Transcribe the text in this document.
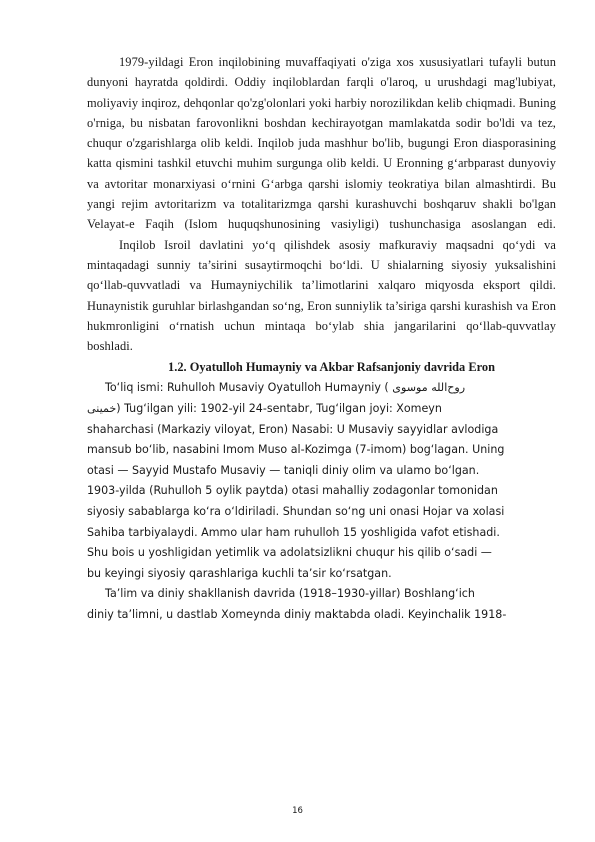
1979-yildagi Eron inqilobining muvaffaqiyati o'ziga xos xususiyatlari tufayli butun dunyoni hayratda qoldirdi. Oddiy inqiloblardan farqli o'laroq, u urushdagi mag'lubiyat, moliyaviy inqiroz, dehqonlar qo'zg'olonlari yoki harbiy norozilikdan kelib chiqmadi. Buning o'rniga, bu nisbatan farovonlikni boshdan kechirayotgan mamlakatda sodir bo'ldi va tez, chuqur o'zgarishlarga olib keldi. Inqilob juda mashhur bo'lib, bugungi Eron diasporasining katta qismini tashkil etuvchi muhim surgunga olib keldi. U Eronning g‘arbparast dunyoviy va avtoritar monarxiyasi o‘rnini G‘arbga qarshi islomiy teokratiya bilan almashtirdi. Bu yangi rejim avtoritarizm va totalitarizmga qarshi kurashuvchi boshqaruv shakli bo'lgan Velayat-e Faqih (Islom huquqshunosining vasiyligi) tushunchasiga asoslangan edi.

Inqilob Isroil davlatini yo‘q qilishdek asosiy mafkuraviy maqsadni qo‘ydi va mintaqadagi sunniy ta’sirini susaytirmoqchi bo‘ldi. U shialarning siyosiy yuksalishini qo‘llab-quvvatladi va Humayniychilik ta’limotlarini xalqaro miqyosda eksport qildi. Hunaynistik guruhlar birlashgandan so‘ng, Eron sunniylik ta’siriga qarshi kurashish va Eron hukmronligini o‘rnatish uchun mintaqa bo‘ylab shia jangarilarini qo‘llab-quvvatlay boshladi.

1.2. Oyatulloh Humayniy va Akbar Rafsanjoniy davrida Eron

To‘liq ismi: Ruhulloh Musaviy Oyatulloh Humayniy ( روح‌الله موسوی
خمینی) Tug‘ilgan yili: 1902-yil 24-sentabr, Tug‘ilgan joyi: Xomeyn
shaharchasi (Markaziy viloyat, Eron) Nasabi: U Musaviy sayyidlar avlodiga
mansub bo‘lib, nasabini Imom Muso al-Kozimga (7-imom) bog‘lagan. Uning
otasi — Sayyid Mustafo Musaviy — taniqli diniy olim va ulamo bo‘lgan.
1903-yilda (Ruhulloh 5 oylik paytda) otasi mahalliy zodagonlar tomonidan
siyosiy sabablarga ko‘ra o‘ldiriladi. Shundan so‘ng uni onasi Hojar va xolasi
Sahiba tarbiyalaydi. Ammo ular ham ruhulloh 15 yoshligida vafot etishadi.
Shu bois u yoshligidan yetimlik va adolatsizlikni chuqur his qilib o‘sadi —
bu keyingi siyosiy qarashlariga kuchli ta’sir ko‘rsatgan.
Ta’lim va diniy shakllanish davrida (1918–1930-yillar) Boshlang‘ich
diniy ta’limni, u dastlab Xomeynda diniy maktabda oladi. Keyinchalik 1918-
16
